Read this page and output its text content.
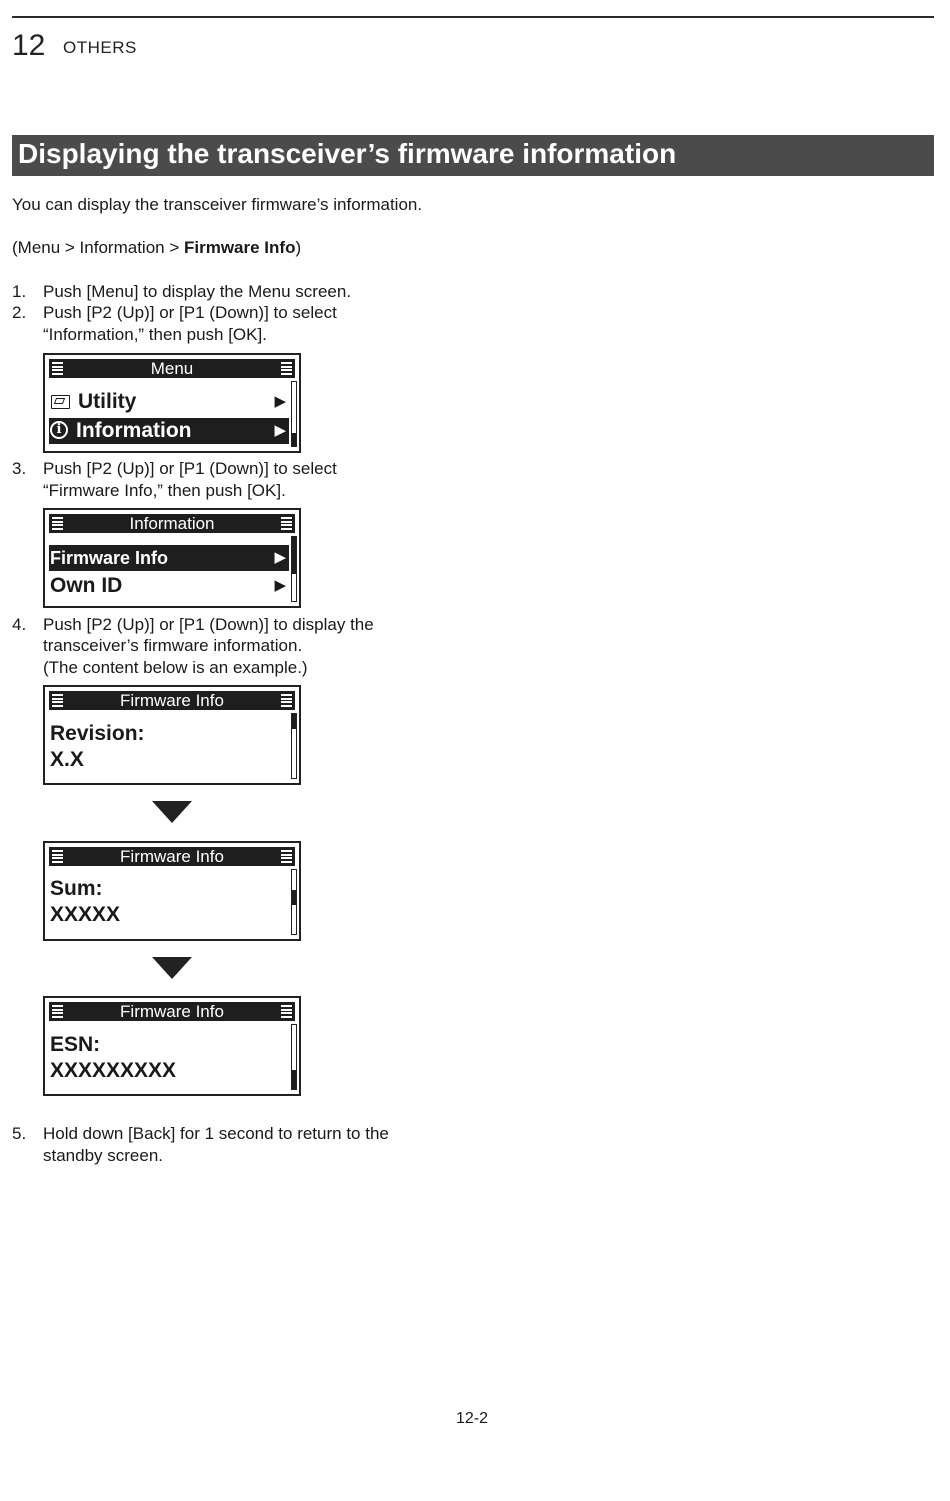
12 OTHERS
Displaying the transceiver’s firmware information
You can display the transceiver firmware’s information.
(Menu > Information > Firmware Info)
1. Push [Menu] to display the Menu screen.
2. Push [P2 (Up)] or [P1 (Down)] to select
“Information,” then push [OK].
Menu
Utility	▶
i Information	▶
3. Push [P2 (Up)] or [P1 (Down)] to select
“Firmware Info,” then push [OK].
Information
Firmware Info	▶
Own ID	▶
4. Push [P2 (Up)] or [P1 (Down)] to display the
transceiver’s firmware information.
(The content below is an example.)
Firmware Info
Revision:
X.X
Firmware Info
Sum:
XXXXX
Firmware Info
ESN:
XXXXXXXXX
5. Hold down [Back] for 1 second to return to the
standby screen.
12-2
